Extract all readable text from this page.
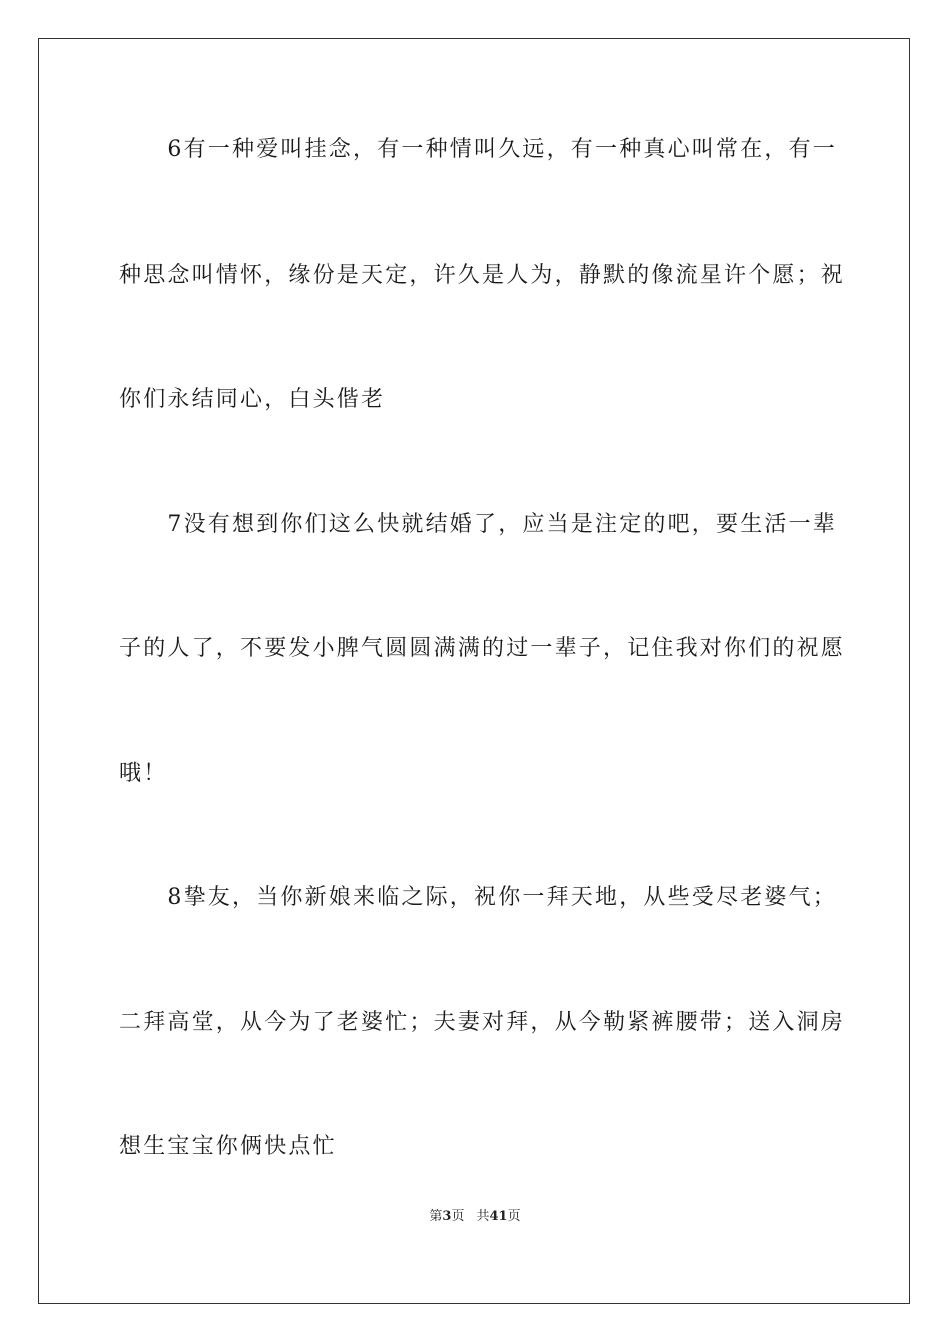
　　6有一种爱叫挂念，有一种情叫久远，有一种真心叫常在，有一
种思念叫情怀，缘份是天定，许久是人为，静默的像流星许个愿；祝
你们永结同心，白头偕老
　　7没有想到你们这么快就结婚了，应当是注定的吧，要生活一辈
子的人了，不要发小脾气圆圆满满的过一辈子，记住我对你们的祝愿
哦！
　　8挚友，当你新娘来临之际，祝你一拜天地，从些受尽老婆气；
二拜高堂，从今为了老婆忙；夫妻对拜，从今勒紧裤腰带；送入洞房
想生宝宝你俩快点忙
第3页 共41页
